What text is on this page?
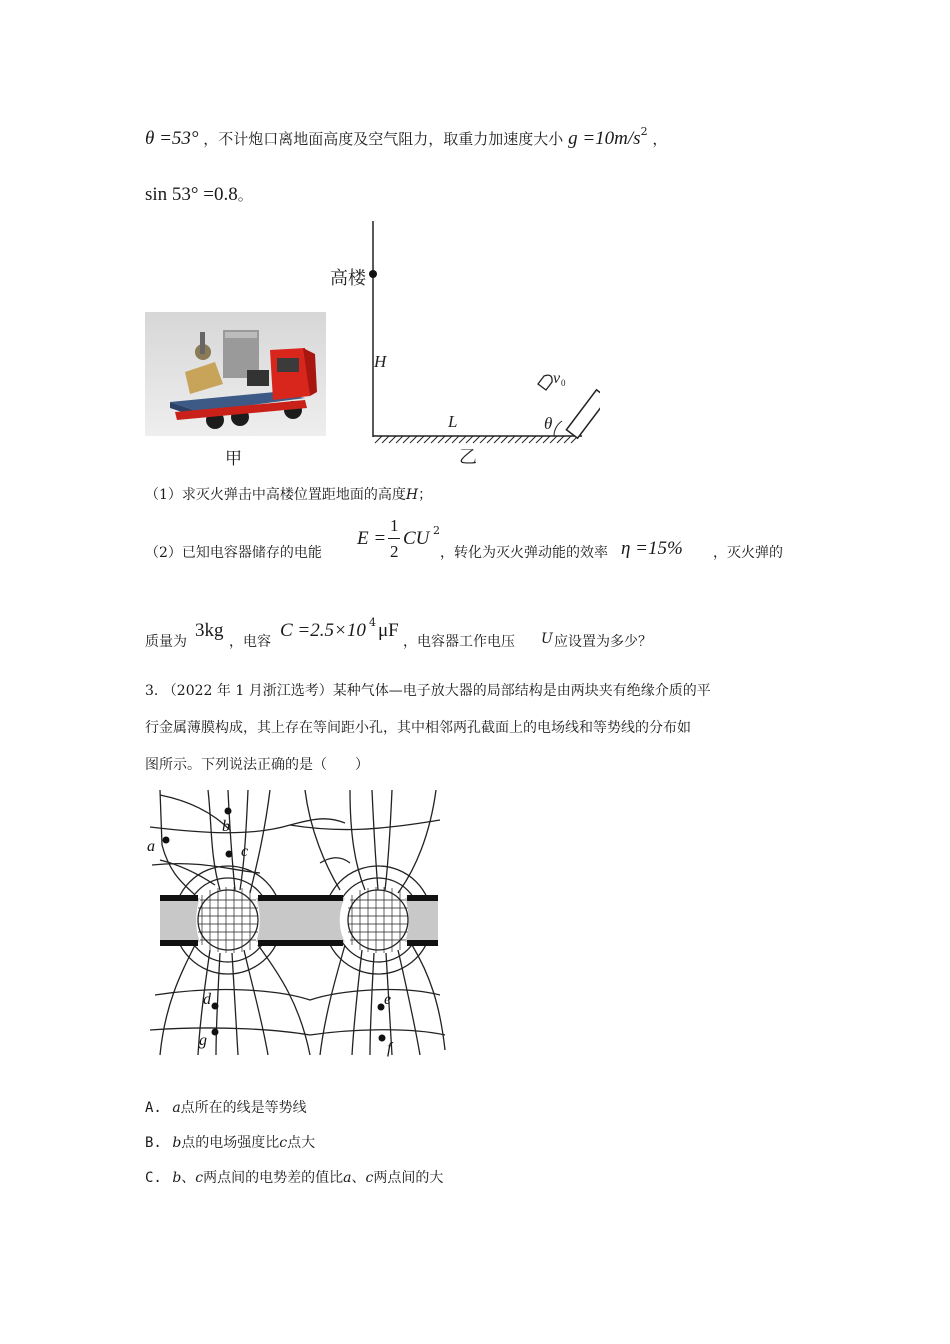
θ =53° ，不计炮口离地面高度及空气阻力，取重力加速度大小 $g =10m/s^2$ ，
sin 53° =0.8。
甲
高楼
H
L	θ
v 0
乙
（1）求灭火弹击中高楼位置距地面的高度H；
（2）已知电容器储存的电能
E =
1
2
CU 2
，转化为灭火弹动能的效率 η =15% ，灭火弹的
质量为
3kg
，电容
C =2.5×10 4 μF
，电容器工作电压 U 应设置为多少？
3. （2022 年 1 月浙江选考）某种气体—电子放大器的局部结构是由两块夹有绝缘介质的平
行金属薄膜构成，其上存在等间距小孔，其中相邻两孔截面上的电场线和等势线的分布如
图所示。下列说法正确的是（　　）
a
b
c
d	e
f
g
A. a点所在的线是等势线
B. b点的电场强度比c点大
C. b、c两点间的电势差的值比a、c两点间的大
